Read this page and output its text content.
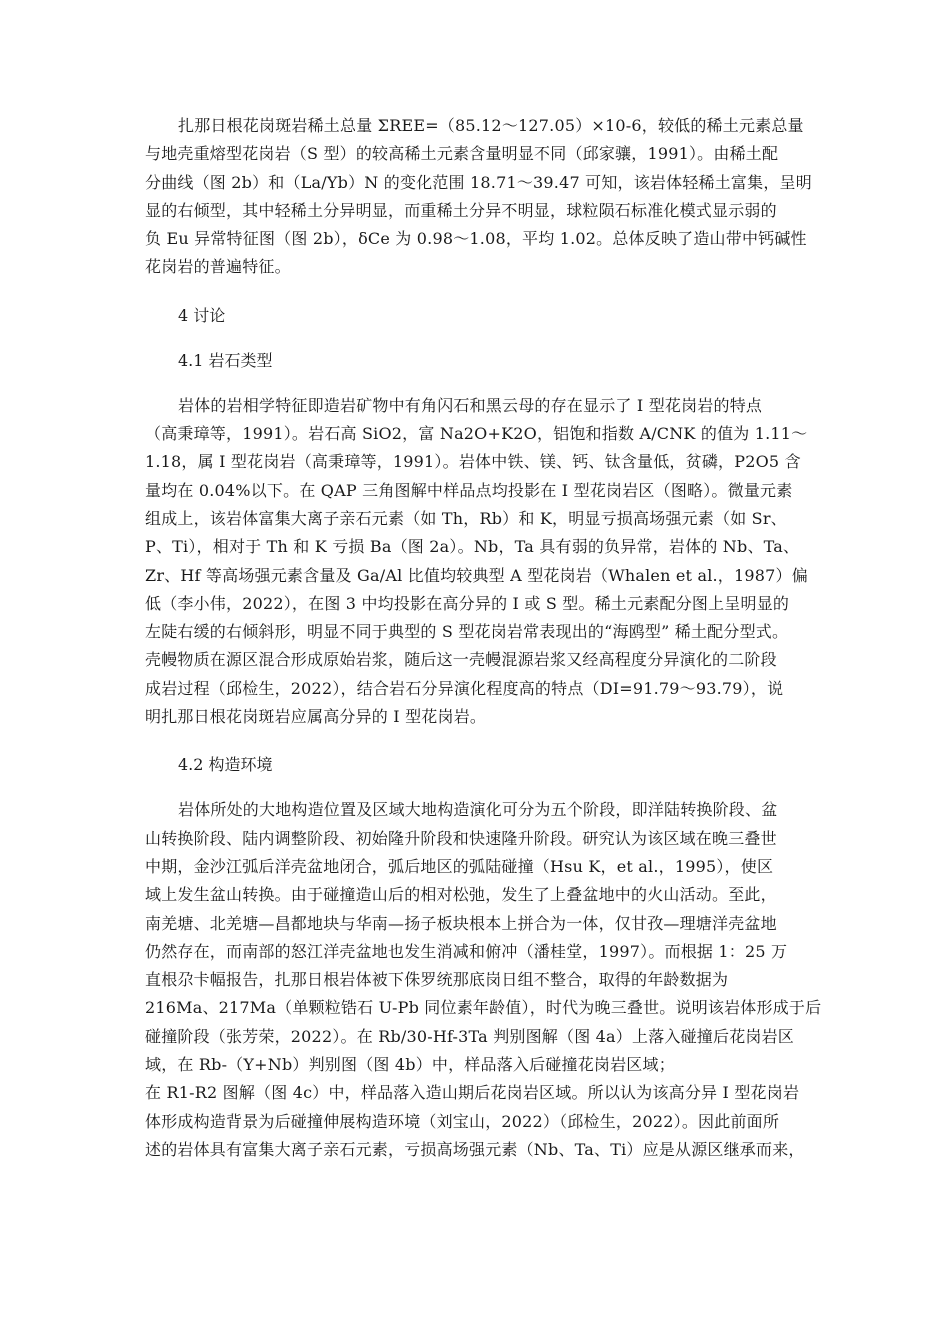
扎那日根花岗斑岩稀土总量 ΣREE=（85.12～127.05）×10-6，较低的稀土元素总量
与地壳重熔型花岗岩（S 型）的较高稀土元素含量明显不同（邱家骧，1991）。由稀土配
分曲线（图 2b）和（La/Yb）N 的变化范围 18.71～39.47 可知，该岩体轻稀土富集，呈明
显的右倾型，其中轻稀土分异明显，而重稀土分异不明显，球粒陨石标准化模式显示弱的
负 Eu 异常特征图（图 2b），δCe 为 0.98～1.08，平均 1.02。总体反映了造山带中钙碱性
花岗岩的普遍特征。
4 讨论
4.1 岩石类型
岩体的岩相学特征即造岩矿物中有角闪石和黑云母的存在显示了 I 型花岗岩的特点
（高秉璋等，1991）。岩石高 SiO2，富 Na2O+K2O，铝饱和指数 A/CNK 的值为 1.11～
1.18，属 I 型花岗岩（高秉璋等，1991）。岩体中铁、镁、钙、钛含量低，贫磷，P2O5 含
量均在 0.04%以下。在 QAP 三角图解中样品点均投影在 I 型花岗岩区（图略）。微量元素
组成上，该岩体富集大离子亲石元素（如 Th，Rb）和 K，明显亏损高场强元素（如 Sr、
P、Ti），相对于 Th 和 K 亏损 Ba（图 2a）。Nb，Ta 具有弱的负异常，岩体的 Nb、Ta、
Zr、Hf 等高场强元素含量及 Ga/Al 比值均较典型 A 型花岗岩（Whalen et al.，1987）偏
低（李小伟，2022），在图 3 中均投影在高分异的 I 或 S 型。稀土元素配分图上呈明显的
左陡右缓的右倾斜形，明显不同于典型的 S 型花岗岩常表现出的“海鸥型” 稀土配分型式。
壳幔物质在源区混合形成原始岩浆，随后这一壳幔混源岩浆又经高程度分异演化的二阶段
成岩过程（邱检生，2022），结合岩石分异演化程度高的特点（DI=91.79～93.79），说
明扎那日根花岗斑岩应属高分异的 I 型花岗岩。
4.2 构造环境
岩体所处的大地构造位置及区域大地构造演化可分为五个阶段，即洋陆转换阶段、盆
山转换阶段、陆内调整阶段、初始隆升阶段和快速隆升阶段。研究认为该区域在晚三叠世
中期，金沙江弧后洋壳盆地闭合，弧后地区的弧陆碰撞（Hsu K，et al.，1995），使区
域上发生盆山转换。由于碰撞造山后的相对松弛，发生了上叠盆地中的火山活动。至此，
南羌塘、北羌塘—昌都地块与华南—扬子板块根本上拼合为一体，仅甘孜—理塘洋壳盆地
仍然存在，而南部的怒江洋壳盆地也发生消减和俯冲（潘桂堂，1997）。而根据 1：25 万
直根尕卡幅报告，扎那日根岩体被下侏罗统那底岗日组不整合，取得的年龄数据为
216Ma、217Ma（单颗粒锆石 U-Pb 同位素年龄值），时代为晚三叠世。说明该岩体形成于后
碰撞阶段（张芳荣，2022）。在 Rb/30-Hf-3Ta 判别图解（图 4a）上落入碰撞后花岗岩区
域，在 Rb-（Y+Nb）判别图（图 4b）中，样品落入后碰撞花岗岩区域；
在 R1-R2 图解（图 4c）中，样品落入造山期后花岗岩区域。所以认为该高分异 I 型花岗岩
体形成构造背景为后碰撞伸展构造环境（刘宝山，2022）（邱检生，2022）。因此前面所
述的岩体具有富集大离子亲石元素，亏损高场强元素（Nb、Ta、Ti）应是从源区继承而来，
